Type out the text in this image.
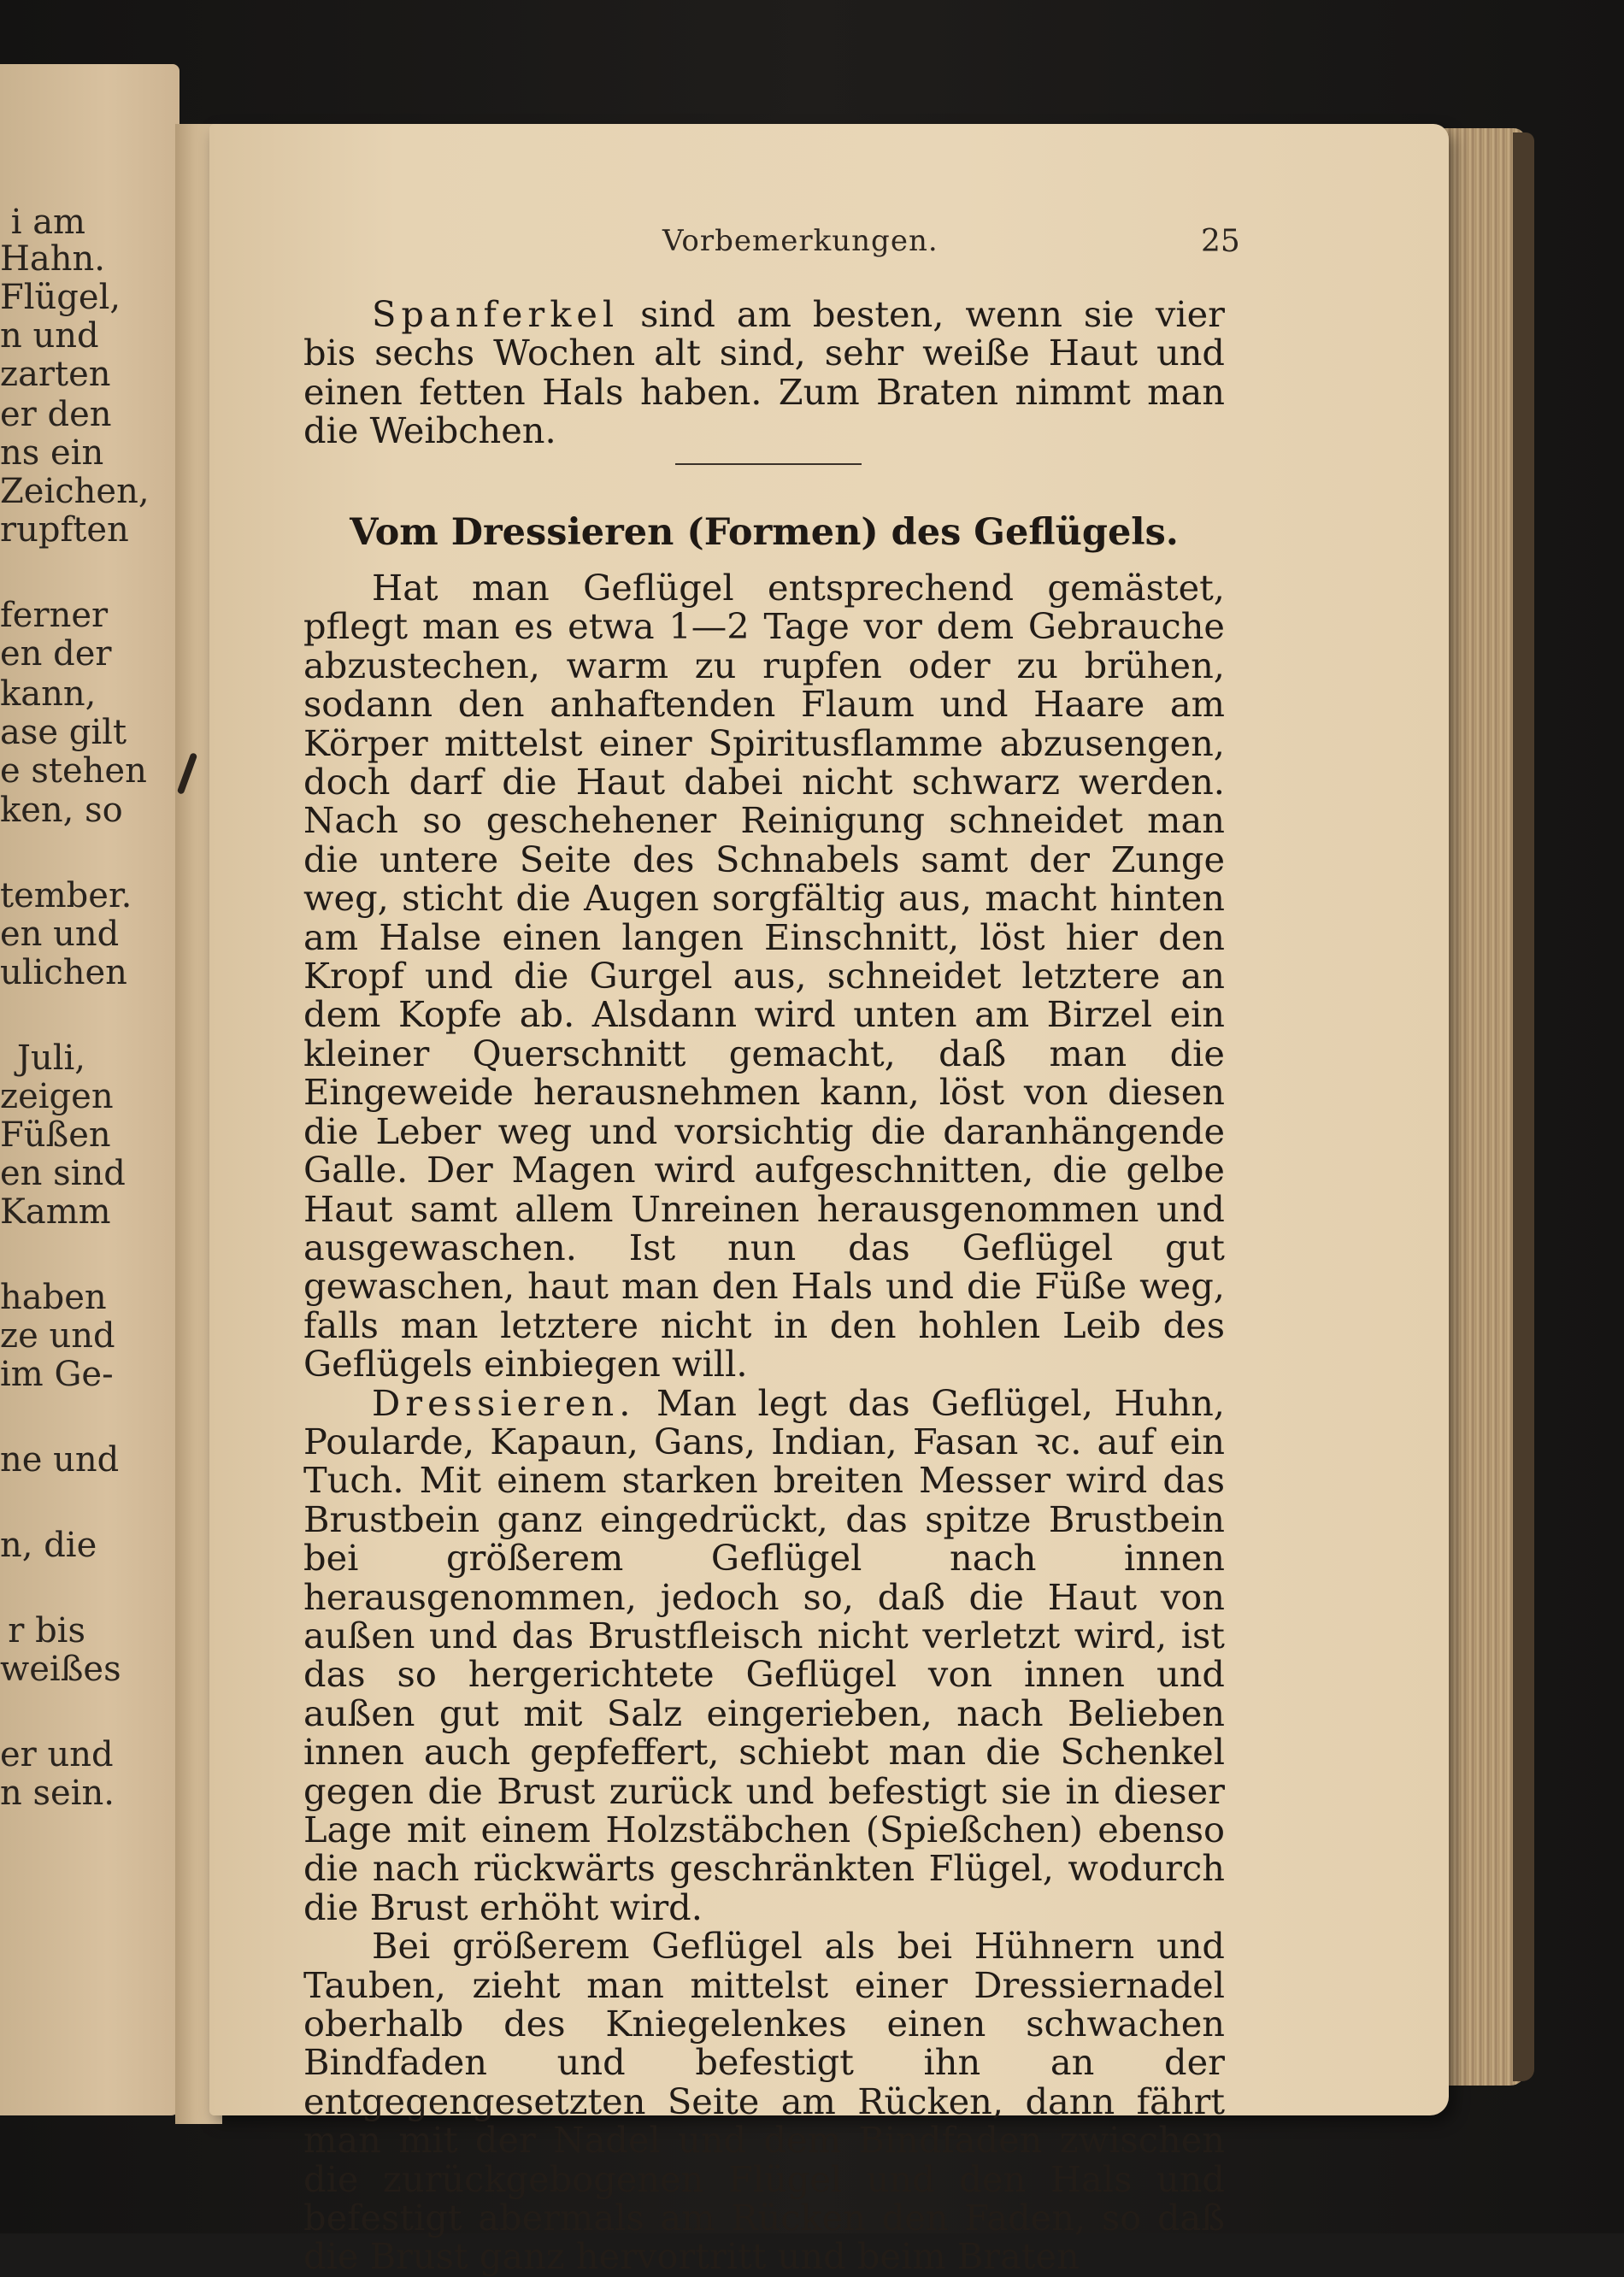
i am
Hahn.
Flügel,
n und
zarten
er den
ns ein
Zeichen,
rupften
ferner
en der
kann,
ase gilt
e stehen
ken, so
tember.
en und
ulichen
Juli,
zeigen
Füßen
en sind
Kamm
haben
ze und
im Ge-
ne und
n, die
r bis
weißes
er und
n sein.
Vorbemerkungen.	25

Spanferkel sind am besten, wenn sie vier bis sechs Wochen alt sind, sehr weiße Haut und einen fetten Hals haben. Zum Braten nimmt man die Weibchen.

Vom Dressieren (Formen) des Geflügels.

Hat man Geflügel entsprechend gemästet, pflegt man es etwa 1—2 Tage vor dem Gebrauche abzustechen, warm zu rupfen oder zu brühen, sodann den anhaftenden Flaum und Haare am Körper mittelst einer Spiritusflamme abzusengen, doch darf die Haut dabei nicht schwarz werden. Nach so geschehener Reinigung schneidet man die untere Seite des Schnabels samt der Zunge weg, sticht die Augen sorgfältig aus, macht hinten am Halse einen langen Einschnitt, löst hier den Kropf und die Gurgel aus, schneidet letztere an dem Kopfe ab. Alsdann wird unten am Birzel ein kleiner Querschnitt gemacht, daß man die Eingeweide herausnehmen kann, löst von diesen die Leber weg und vorsichtig die daranhängende Galle. Der Magen wird aufgeschnitten, die gelbe Haut samt allem Unreinen herausgenommen und ausgewaschen. Ist nun das Geflügel gut gewaschen, haut man den Hals und die Füße weg, falls man letztere nicht in den hohlen Leib des Geflügels einbiegen will.

Dressieren. Man legt das Geflügel, Huhn, Poularde, Kapaun, Gans, Indian, Fasan ꝛc. auf ein Tuch. Mit einem starken breiten Messer wird das Brustbein ganz eingedrückt, das spitze Brustbein bei größerem Geflügel nach innen herausgenommen, jedoch so, daß die Haut von außen und das Brustfleisch nicht verletzt wird, ist das so hergerichtete Geflügel von innen und außen gut mit Salz eingerieben, nach Belieben innen auch gepfeffert, schiebt man die Schenkel gegen die Brust zurück und befestigt sie in dieser Lage mit einem Holzstäbchen (Spießchen) ebenso die nach rückwärts geschränkten Flügel, wodurch die Brust erhöht wird.

Bei größerem Geflügel als bei Hühnern und Tauben, zieht man mittelst einer Dressiernadel oberhalb des Kniegelenkes einen schwachen Bindfaden und befestigt ihn an der entgegengesetzten Seite am Rücken, dann fährt man mit der Nadel und dem Bindfaden zwischen die zurückgebogenen Flügel und den Hals und befestigt abermals am Rücken den Faden, so daß die Brust ganz hervortritt und beim Braten
